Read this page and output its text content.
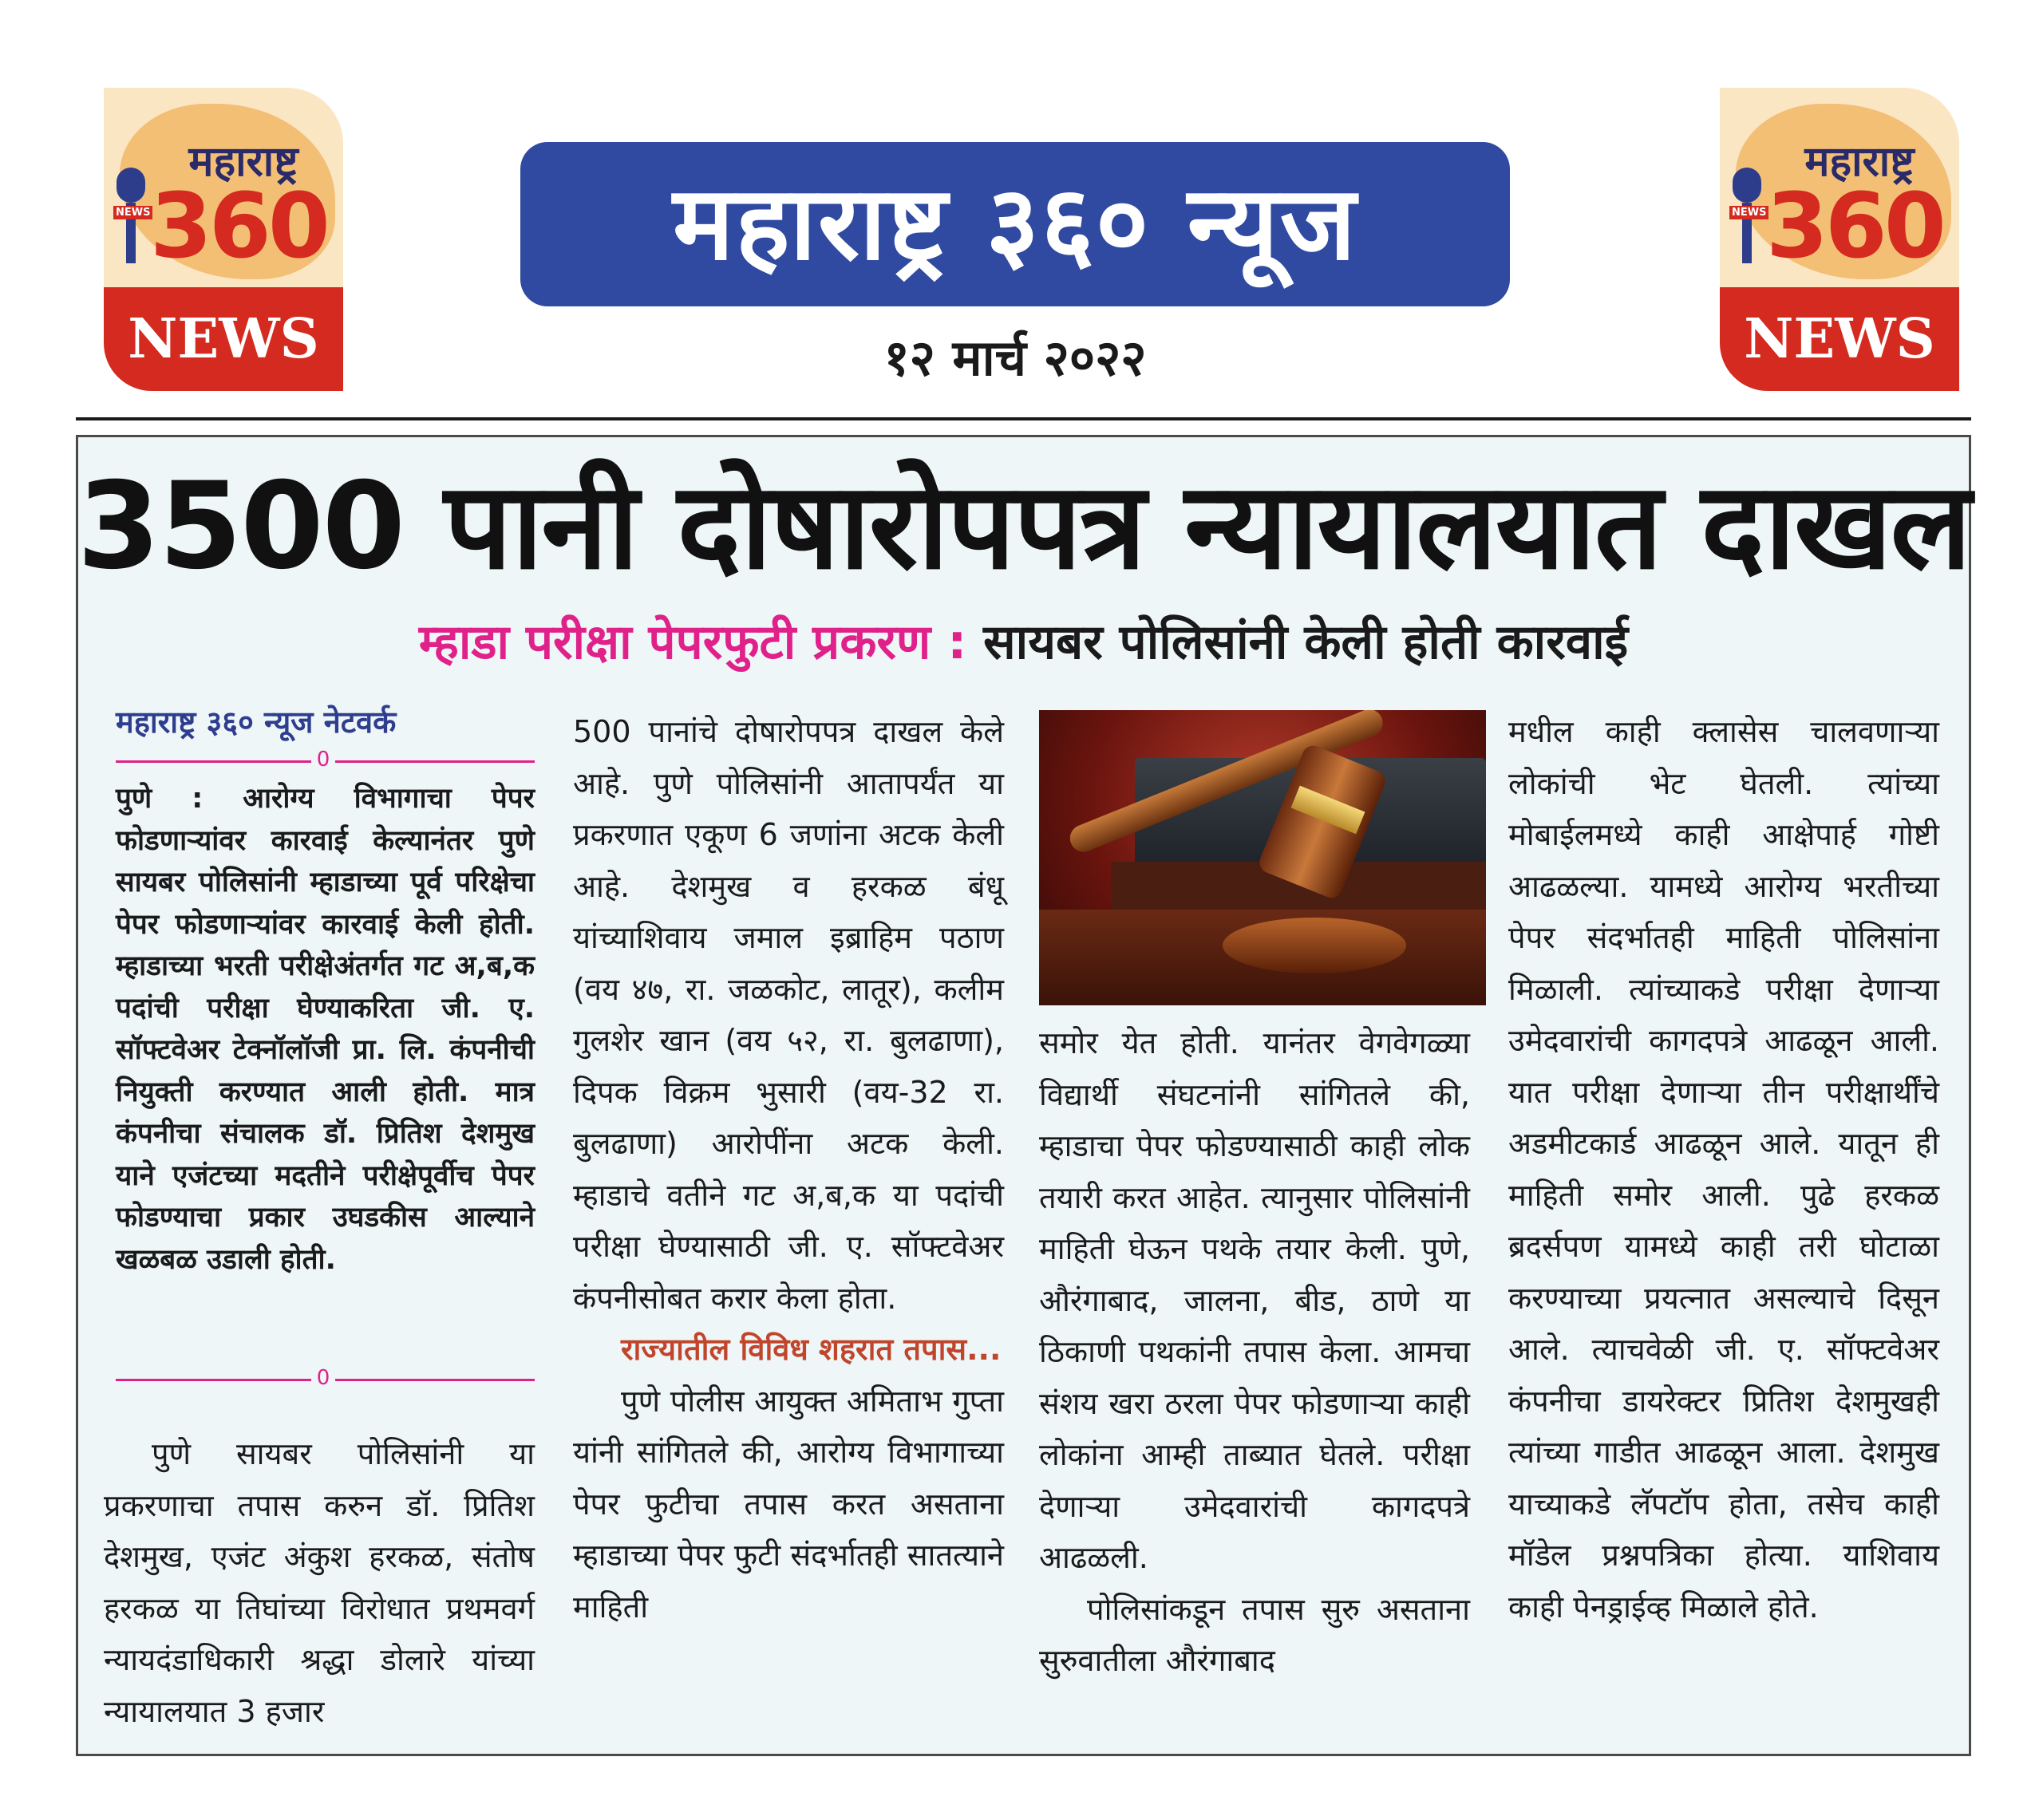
महाराष्ट्र
NEWS 360
NEWS
महाराष्ट्र
NEWS 360
NEWS
महाराष्ट्र ३६० न्यूज
१२ मार्च २०२२
3500 पानी दोषारोपपत्र न्यायालयात दाखल
म्हाडा परीक्षा पेपरफुटी प्रकरण : सायबर पोलिसांनी केली होती कारवाई
महाराष्ट्र ३६० न्यूज नेटवर्क
0
पुणे : आरोग्य विभागाचा पेपर फोडणाऱ्यांवर कारवाई केल्यानंतर पुणे सायबर पोलिसांनी म्हाडाच्या पूर्व परिक्षेचा पेपर फोडणाऱ्यांवर कारवाई केली होती. म्हाडाच्या भरती परीक्षेअंतर्गत गट अ,ब,क पदांची परीक्षा घेण्याकरिता जी. ए. सॉफ्टवेअर टेक्नॉलॉजी प्रा. लि. कंपनीची नियुक्ती करण्यात आली होती. मात्र कंपनीचा संचालक डॉ. प्रितिश देशमुख याने एजंटच्या मदतीने परीक्षेपूर्वीच पेपर फोडण्याचा प्रकार उघडकीस आल्याने खळबळ उडाली होती.
0

पुणे सायबर पोलिसांनी या प्रकरणाचा तपास करुन डॉ. प्रितिश देशमुख, एजंट अंकुश हरकळ, संतोष हरकळ या तिघांच्या विरोधात प्रथमवर्ग न्यायदंडाधिकारी श्रद्धा डोलारे यांच्या न्यायालयात 3 हजार

500 पानांचे दोषारोपपत्र दाखल केले आहे. पुणे पोलिसांनी आतापर्यंत या प्रकरणात एकूण 6 जणांना अटक केली आहे. देशमुख व हरकळ बंधू यांच्याशिवाय जमाल इब्राहिम पठाण (वय ४७, रा. जळकोट, लातूर), कलीम गुलशेर खान (वय ५२, रा. बुलढाणा), दिपक विक्रम भुसारी (वय-32 रा. बुलढाणा) आरोपींना अटक केली. म्हाडाचे वतीने गट अ,ब,क या पदांची परीक्षा घेण्यासाठी जी. ए. सॉफ्टवेअर कंपनीसोबत करार केला होता.

राज्यातील विविध शहरात तपास...

पुणे पोलीस आयुक्त अमिताभ गुप्ता यांनी सांगितले की, आरोग्य विभागाच्या पेपर फुटीचा तपास करत असताना म्हाडाच्या पेपर फुटी संदर्भातही सातत्याने माहिती

समोर येत होती. यानंतर वेगवेगळ्या विद्यार्थी संघटनांनी सांगितले की, म्हाडाचा पेपर फोडण्यासाठी काही लोक तयारी करत आहेत. त्यानुसार पोलिसांनी माहिती घेऊन पथके तयार केली. पुणे, औरंगाबाद, जालना, बीड, ठाणे या ठिकाणी पथकांनी तपास केला. आमचा संशय खरा ठरला पेपर फोडणाऱ्या काही लोकांना आम्ही ताब्यात घेतले. परीक्षा देणाऱ्या उमेदवारांची कागदपत्रे आढळली.

पोलिसांकडून तपास सुरु असताना सुरुवातीला औरंगाबाद

मधील काही क्लासेस चालवणाऱ्या लोकांची भेट घेतली. त्यांच्या मोबाईलमध्ये काही आक्षेपार्ह गोष्टी आढळल्या. यामध्ये आरोग्य भरतीच्या पेपर संदर्भातही माहिती पोलिसांना मिळाली. त्यांच्याकडे परीक्षा देणाऱ्या उमेदवारांची कागदपत्रे आढळून आली. यात परीक्षा देणाऱ्या तीन परीक्षार्थींचे अडमीटकार्ड आढळून आले. यातून ही माहिती समोर आली. पुढे हरकळ ब्रदर्सपण यामध्ये काही तरी घोटाळा करण्याच्या प्रयत्नात असल्याचे दिसून आले. त्याचवेळी जी. ए. सॉफ्टवेअर कंपनीचा डायरेक्टर प्रितिश देशमुखही त्यांच्या गाडीत आढळून आला. देशमुख याच्याकडे लॅपटॉप होता, तसेच काही मॉडेल प्रश्नपत्रिका होत्या. याशिवाय काही पेनड्राईव्ह मिळाले होते.
